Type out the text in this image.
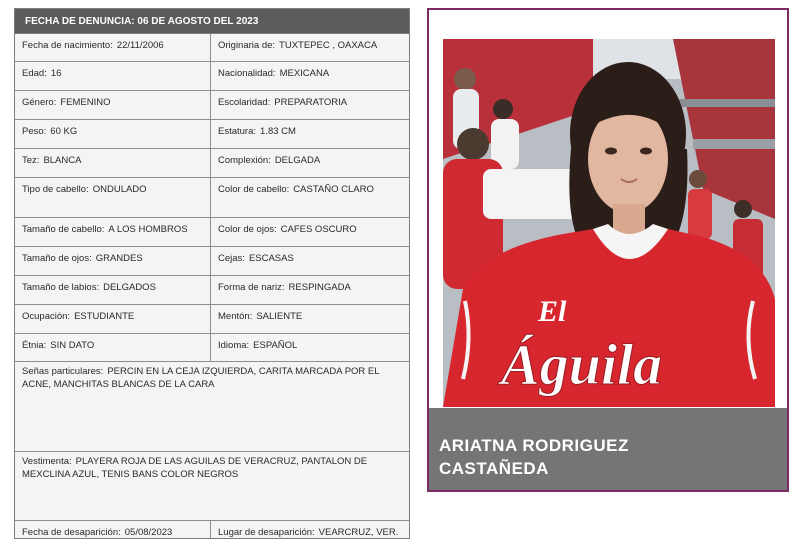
FECHA DE DENUNCIA: 06 DE AGOSTO DEL 2023
Fecha de nacimiento: 22/11/2006	Originaria de: TUXTEPEC , OAXACA
Edad: 16	Nacionalidad: MEXICANA
Género: FEMENINO	Escolaridad: PREPARATORIA
Peso: 60 KG	Estatura: 1.83 CM
Tez: BLANCA	Complexión: DELGADA
Tipo de cabello: ONDULADO	Color de cabello: CASTAÑO CLARO
Tamaño de cabello: A LOS HOMBROS	Color de ojos: CAFES OSCURO
Tamaño de ojos: GRANDES	Cejas: ESCASAS
Tamaño de labios: DELGADOS	Forma de nariz: RESPINGADA
Ocupación: ESTUDIANTE	Mentón: SALIENTE
Étnia: SIN DATO	Idioma: ESPAÑOL
Señas particulares: PERCIN EN LA CEJA IZQUIERDA, CARITA MARCADA POR EL ACNE, MANCHITAS BLANCAS DE LA CARA
Vestimenta: PLAYERA ROJA DE LAS AGUILAS DE VERACRUZ, PANTALON DE MEXCLINA AZUL, TENIS BANS COLOR NEGROS
Fecha de desaparición: 05/08/2023	Lugar de desaparición: VEARCRUZ, VER.
El
Águila
ARIATNA RODRIGUEZ
CASTAÑEDA
